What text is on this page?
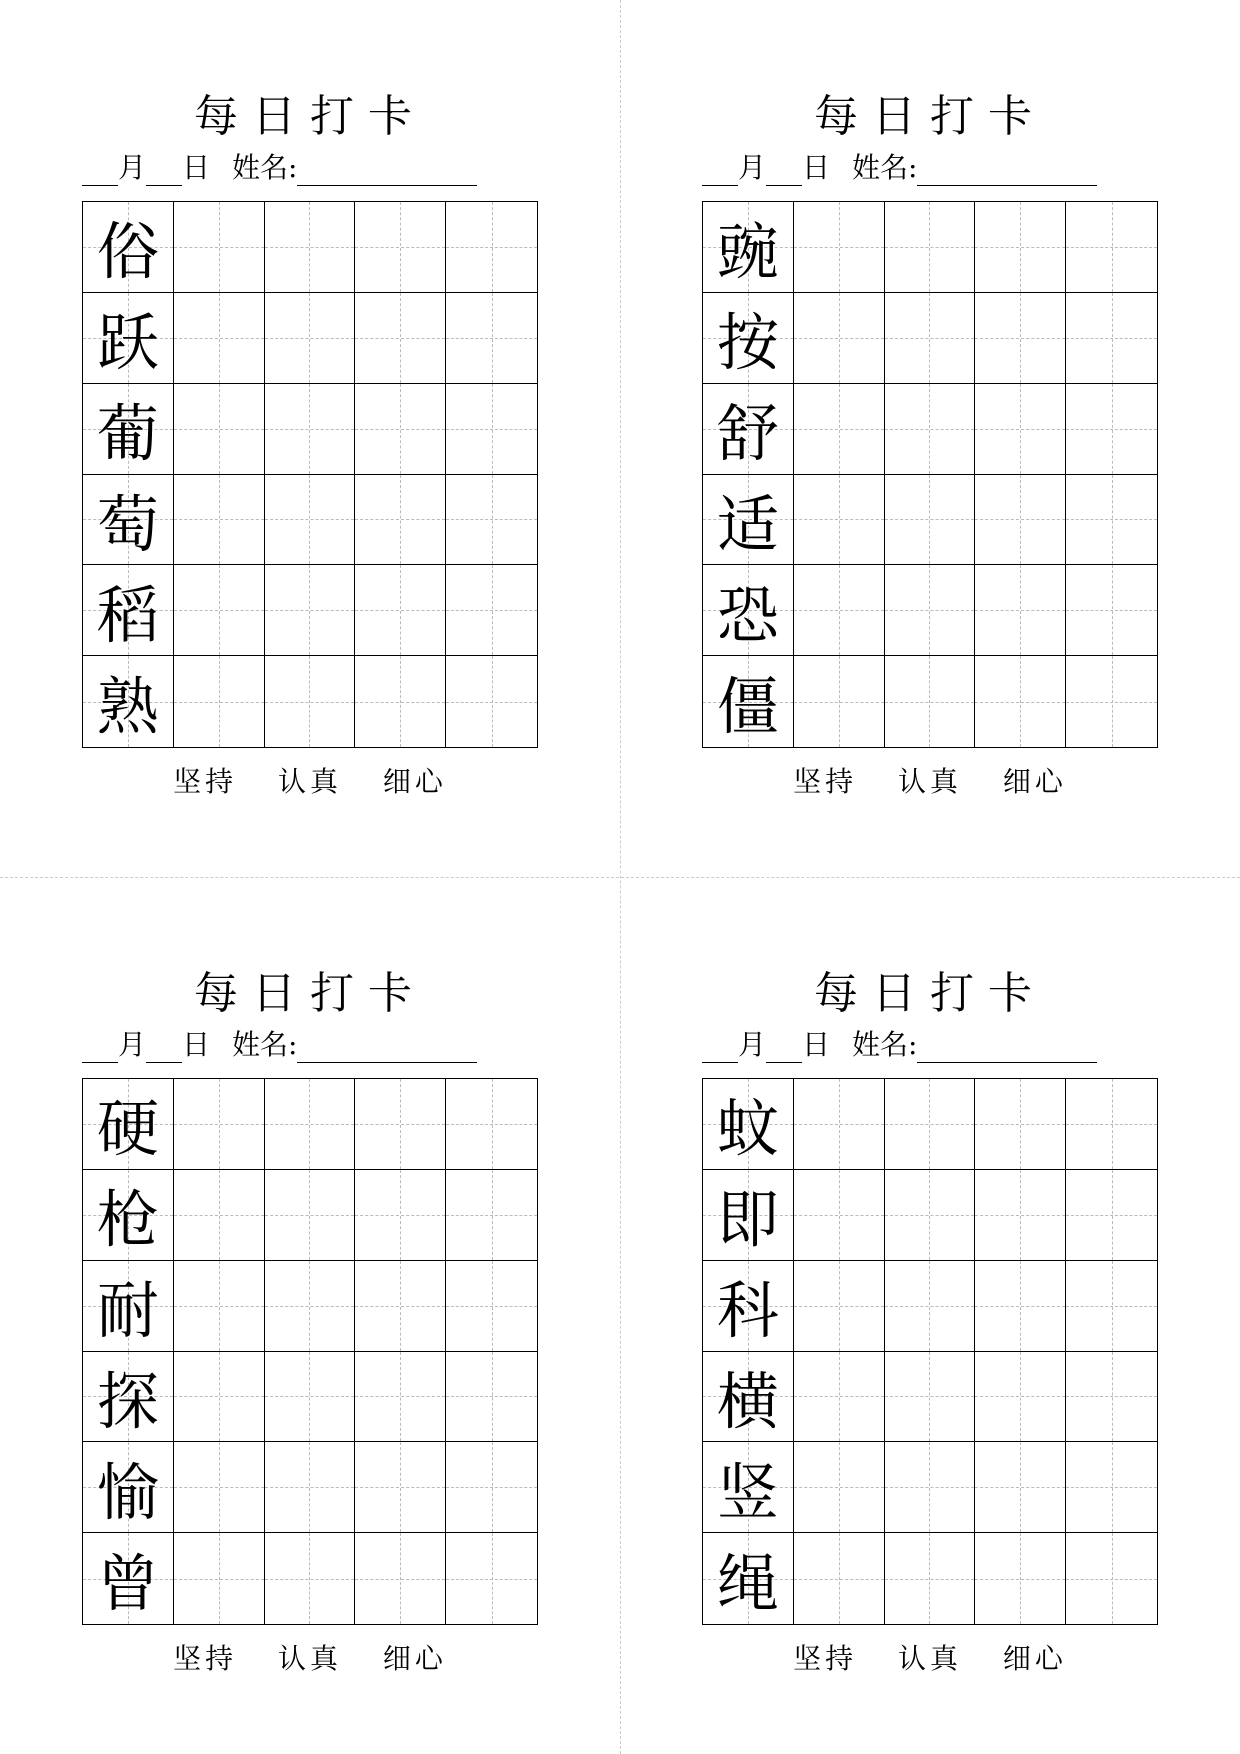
每日打卡
月 日 姓名:
俗
跃
葡
萄
稻
熟
坚持 认真 细心
每日打卡
月 日 姓名:
豌
按
舒
适
恐
僵
坚持 认真 细心
每日打卡
月 日 姓名:
硬
枪
耐
探
愉
曾
坚持 认真 细心
每日打卡
月 日 姓名:
蚊
即
科
横
竖
绳
坚持 认真 细心
